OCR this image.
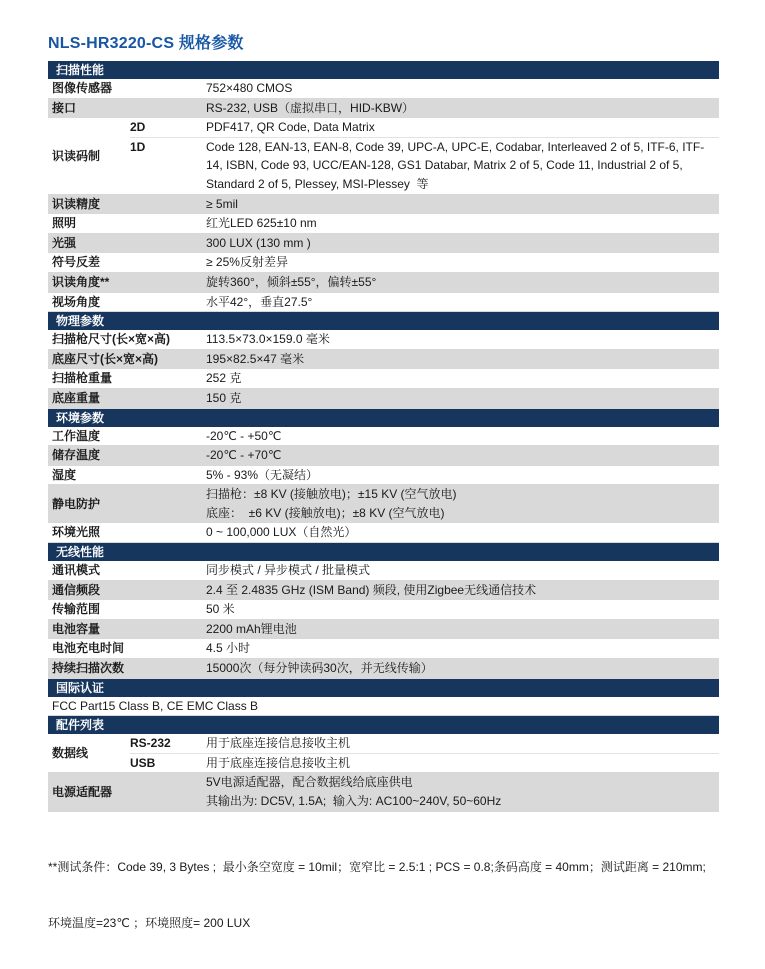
NLS-HR3220-CS 规格参数
扫描性能
图像传感器	752×480 CMOS
接口	RS-232, USB（虚拟串口，HID-KBW）
识读码制
2D	PDF417, QR Code, Data Matrix
1D	Code 128, EAN-13, EAN-8, Code 39, UPC-A, UPC-E, Codabar, Interleaved 2 of 5, ITF-6, ITF-14, ISBN, Code 93, UCC/EAN-128, GS1 Databar, Matrix 2 of 5, Code 11, Industrial 2 of 5, Standard 2 of 5, Plessey, MSI-Plessey  等
识读精度	≥ 5mil
照明	红光LED 625±10 nm
光强	300 LUX (130 mm )
符号反差	≥ 25%反射差异
识读角度**	旋转360°，倾斜±55°，偏转±55°
视场角度	水平42°，垂直27.5°
物理参数
扫描枪尺寸(长×宽×高)	113.5×73.0×159.0 毫米
底座尺寸(长×宽×高)	195×82.5×47 毫米
扫描枪重量	252 克
底座重量	150 克
环境参数
工作温度	-20℃ - +50℃
储存温度	-20℃ - +70℃
湿度	5% - 93%（无凝结）
静电防护
扫描枪：±8 KV (接触放电)；±15 KV (空气放电)
底座：  ±6 KV (接触放电)；±8 KV (空气放电)
环境光照	0 ~ 100,000 LUX（自然光）
无线性能
通讯模式	同步模式 / 异步模式 / 批量模式
通信频段	2.4 至 2.4835 GHz (ISM Band) 频段, 使用Zigbee无线通信技术
传输范围	50 米
电池容量	2200 mAh锂电池
电池充电时间	4.5 小时
持续扫描次数	15000次（每分钟读码30次，并无线传输）
国际认证
FCC Part15 Class B, CE EMC Class B
配件列表
数据线
RS-232	用于底座连接信息接收主机
USB	用于底座连接信息接收主机
电源适配器
5V电源适配器，配合数据线给底座供电
其输出为: DC5V, 1.5A;  输入为: AC100~240V, 50~60Hz

**测试条件：Code 39, 3 Bytes ;  最小条空宽度 = 10mil；宽窄比 = 2.5:1 ; PCS = 0.8;条码高度 = 40mm；测试距离 = 210mm;

环境温度=23℃ ；环境照度= 200 LUX
